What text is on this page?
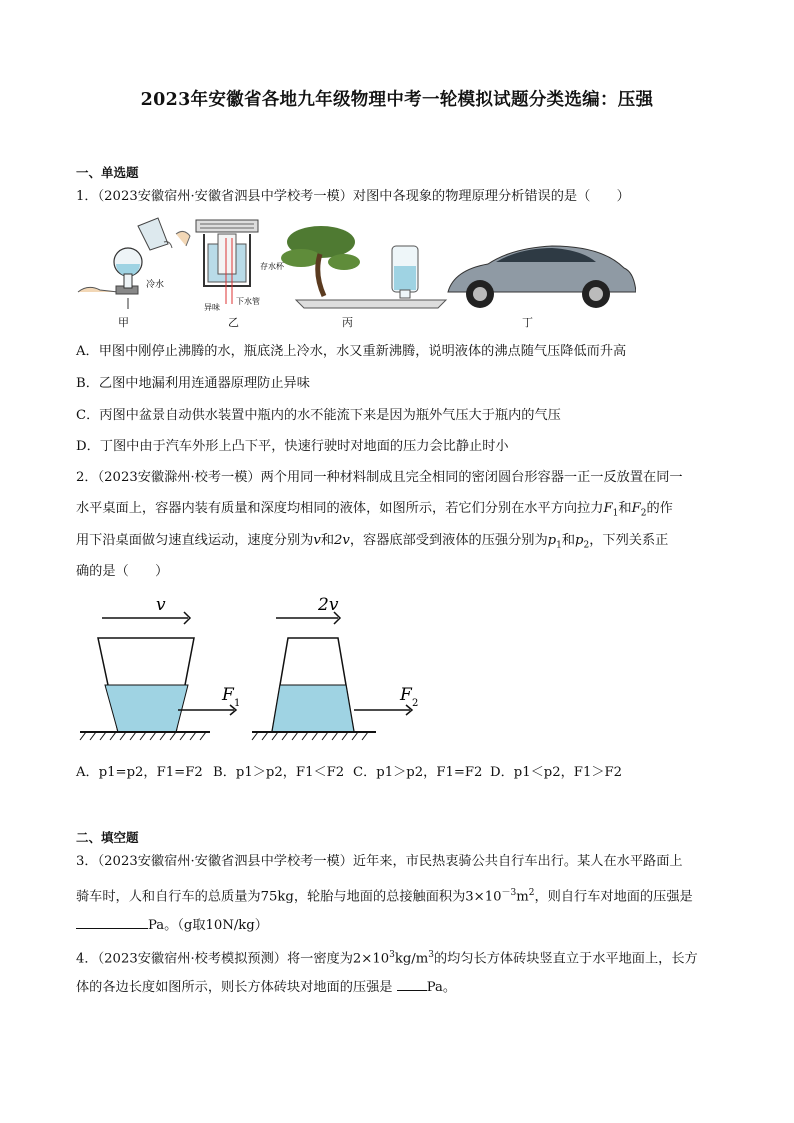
2023年安徽省各地九年级物理中考一轮模拟试题分类选编：压强
一、单选题
1．（2023安徽宿州·安徽省泗县中学校考一模）对图中各现象的物理原理分析错误的是（　　）
冷水
存水杯
异味
下水管
甲	乙	丙	丁
A．甲图中刚停止沸腾的水，瓶底浇上冷水，水又重新沸腾，说明液体的沸点随气压降低而升高
B．乙图中地漏利用连通器原理防止异味
C．丙图中盆景自动供水装置中瓶内的水不能流下来是因为瓶外气压大于瓶内的气压
D．丁图中由于汽车外形上凸下平，快速行驶时对地面的压力会比静止时小
2．（2023安徽滁州·校考一模）两个用同一种材料制成且完全相同的密闭圆台形容器一正一反放置在同一
水平桌面上，容器内装有质量和深度均相同的液体，如图所示，若它们分别在水平方向拉力$F_1$和$F_2$的作
用下沿桌面做匀速直线运动，速度分别为v和2v，容器底部受到液体的压强分别为$p_1$和$p_2$，下列关系正
确的是（　　）
v
F 1
2v
F 2
A．p1=p2，F1=F2 B．p1＞p2，F1＜F2 C．p1＞p2，F1=F2 D．p1＜p2，F1＞F2
二、填空题
3．（2023安徽宿州·安徽省泗县中学校考一模）近年来，市民热衷骑公共自行车出行。某人在水平路面上
骑车时，人和自行车的总质量为75kg，轮胎与地面的总接触面积为$3\times 10^{-3}m^2$，则自行车对地面的压强是
Pa。（g取10N/kg）
4．（2023安徽宿州·校考模拟预测）将一密度为$2\times 10^3kg/m^3$的均匀长方体砖块竖直立于水平地面上，长方
体的各边长度如图所示，则长方体砖块对地面的压强是	Pa。
